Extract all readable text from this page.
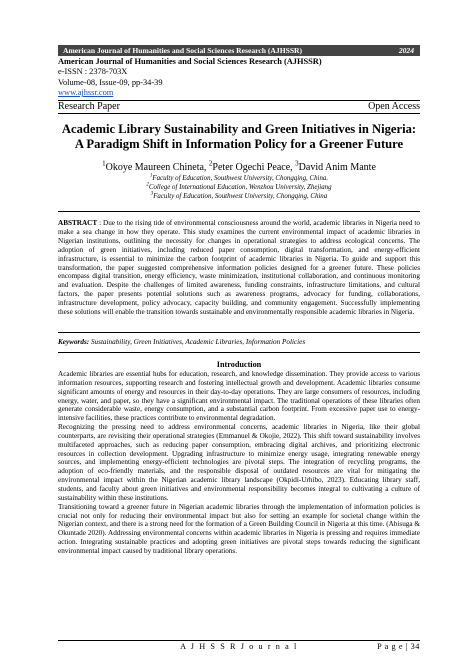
American Journal of Humanities and Social Sciences Research (AJHSSR)	2024
American Journal of Humanities and Social Sciences Research (AJHSSR)
e-ISSN : 2378-703X
Volume-08, Issue-09, pp-34-39
www.ajhssr.com
Research Paper	Open Access
Academic Library Sustainability and Green Initiatives in Nigeria:
A Paradigm Shift in Information Policy for a Greener Future
$^1$Okoye Maureen Chineta, $^2$Peter Ogechi Peace, $^3$David Anim Mante
$^1$Faculty of Education, Southwest University, Chongqing, China.
$^2$College of International Education, Wenzhou University, Zhejiang
$^3$Faculty of Education, Southwest University, Chongqing, China
ABSTRACT : Due to the rising tide of environmental consciousness around the world, academic libraries in Nigeria need to make a sea change in how they operate. This study examines the current environmental impact of academic libraries in Nigerian institutions, outlining the necessity for changes in operational strategies to address ecological concerns. The adoption of green initiatives, including reduced paper consumption, digital transformation, and energy-efficient infrastructure, is essential to minimize the carbon footprint of academic libraries in Nigeria. To guide and support this transformation, the paper suggested comprehensive information policies designed for a greener future. These policies encompass digital transition, energy efficiency, waste minimization, institutional collaboration, and continuous monitoring and evaluation. Despite the challenges of limited awareness, funding constraints, infrastructure limitations, and cultural factors, the paper presents potential solutions such as awareness programs, advocacy for funding, collaborations, infrastructure development, policy advocacy, capacity building, and community engagement. Successfully implementing these solutions will enable the transition towards sustainable and environmentally responsible academic libraries in Nigeria.
Keywords: Sustainability, Green Initiatives, Academic Libraries, Information Policies
Introduction

Academic libraries are essential hubs for education, research, and knowledge dissemination. They provide access to various information resources, supporting research and fostering intellectual growth and development. Academic libraries consume significant amounts of energy and resources in their day-to-day operations. They are large consumers of resources, including energy, water, and paper, so they have a significant environmental impact. The traditional operations of these libraries often generate considerable waste, energy consumption, and a substantial carbon footprint. From excessive paper use to energy-intensive facilities, these practices contribute to environmental degradation.

Recognizing the pressing need to address environmental concerns, academic libraries in Nigeria, like their global counterparts, are revisiting their operational strategies (Emmanuel & Okojie, 2022). This shift toward sustainability involves multifaceted approaches, such as reducing paper consumption, embracing digital archives, and prioritizing electronic resources in collection development. Upgrading infrastructure to minimize energy usage, integrating renewable energy sources, and implementing energy-efficient technologies are pivotal steps. The integration of recycling programs, the adoption of eco-friendly materials, and the responsible disposal of outdated resources are vital for mitigating the environmental impact within the Nigerian academic library landscape (Okpidi-Urhibo, 2023). Educating library staff, students, and faculty about green initiatives and environmental responsibility becomes integral to cultivating a culture of sustainability within these institutions.

Transitioning toward a greener future in Nigerian academic libraries through the implementation of information policies is crucial not only for reducing their environmental impact but also for setting an example for societal change within the Nigerian context, and there is a strong need for the formation of a Green Building Council in Nigeria at this time. (Abisuga & Okuntade 2020). Addressing environmental concerns within academic libraries in Nigeria is pressing and requires immediate action. Integrating sustainable practices and adopting green initiatives are pivotal steps towards reducing the significant environmental impact caused by traditional library operations.

A J H S S R J o u r n a l	P a g e | 34
